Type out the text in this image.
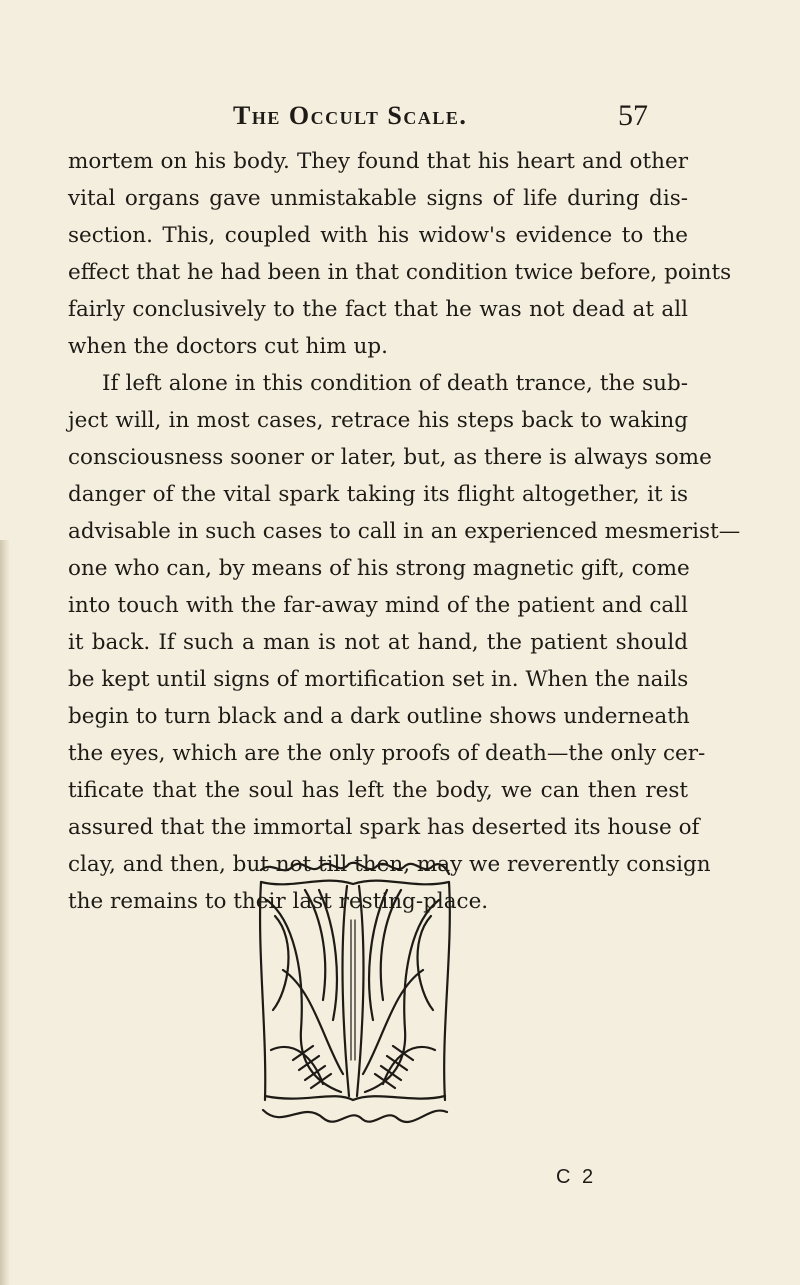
The Occult Scale.	57
mortem on his body. They found that his heart and other
vital organs gave unmistakable signs of life during dis-
section. This, coupled with his widow's evidence to the
effect that he had been in that condition twice before, points
fairly conclusively to the fact that he was not dead at all
when the doctors cut him up.
If left alone in this condition of death trance, the sub-
ject will, in most cases, retrace his steps back to waking
consciousness sooner or later, but, as there is always some
danger of the vital spark taking its flight altogether, it is
advisable in such cases to call in an experienced mesmerist—
one who can, by means of his strong magnetic gift, come
into touch with the far-away mind of the patient and call
it back. If such a man is not at hand, the patient should
be kept until signs of mortification set in. When the nails
begin to turn black and a dark outline shows underneath
the eyes, which are the only proofs of death—the only cer-
tificate that the soul has left the body, we can then rest
assured that the immortal spark has deserted its house of
clay, and then, but not till then, may we reverently consign
the remains to their last resting-place.
C 2
